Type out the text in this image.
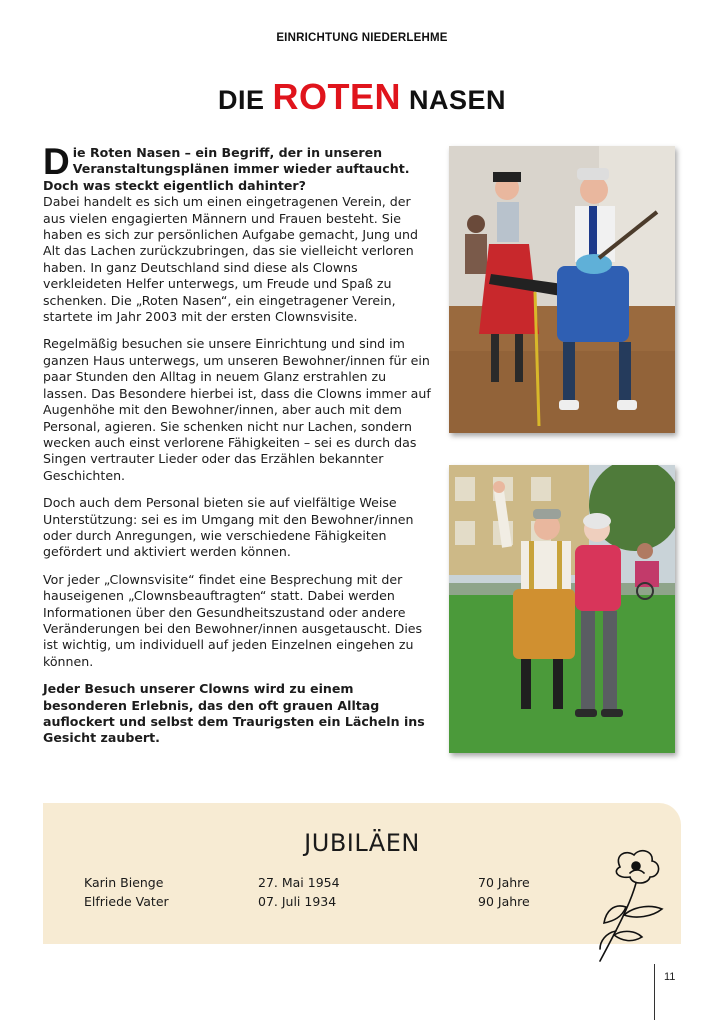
EINRICHTUNG NIEDERLEHME
DIE ROTEN NASEN

D ie Roten Nasen – ein Begriff, der in unseren Veranstaltungsplänen immer wieder auftaucht. Doch was steckt eigentlich dahinter?
Dabei handelt es sich um einen eingetragenen Verein, der aus vielen engagierten Männern und Frauen besteht. Sie haben es sich zur persönlichen Aufgabe gemacht, Jung und Alt das Lachen zurückzubringen, das sie vielleicht verloren haben. In ganz Deutschland sind diese als Clowns verkleideten Helfer unterwegs, um Freude und Spaß zu schenken. Die „Roten Nasen“, ein eingetragener Verein, startete im Jahr 2003 mit der ersten Clownsvisite.

Regelmäßig besuchen sie unsere Einrichtung und sind im ganzen Haus unterwegs, um unseren Bewohner/innen für ein paar Stunden den Alltag in neuem Glanz erstrahlen zu lassen. Das Besondere hierbei ist, dass die Clowns immer auf Augenhöhe mit den Bewohner/innen, aber auch mit dem Personal, agieren. Sie schenken nicht nur Lachen, sondern wecken auch einst verlorene Fähigkeiten – sei es durch das Singen vertrauter Lieder oder das Erzählen bekannter Geschichten.

Doch auch dem Personal bieten sie auf vielfältige Weise Unterstützung: sei es im Umgang mit den Bewohner/innen oder durch Anregungen, wie verschiedene Fähigkeiten gefördert und aktiviert werden können.

Vor jeder „Clownsvisite“ findet eine Besprechung mit der hauseigenen „Clownsbeauftragten“ statt. Dabei werden Informationen über den Gesundheitszustand oder andere Veränderungen bei den Bewohner/innen ausgetauscht. Dies ist wichtig, um individuell auf jeden Einzelnen eingehen zu können.

Jeder Besuch unserer Clowns wird zu einem besonderen Erlebnis, das den oft grauen Alltag auflockert und selbst dem Traurigsten ein Lächeln ins Gesicht zaubert.

JUBILÄEN
Karin Bienge	27. Mai 1954	70 Jahre
Elfriede Vater	07. Juli 1934	90 Jahre
11
